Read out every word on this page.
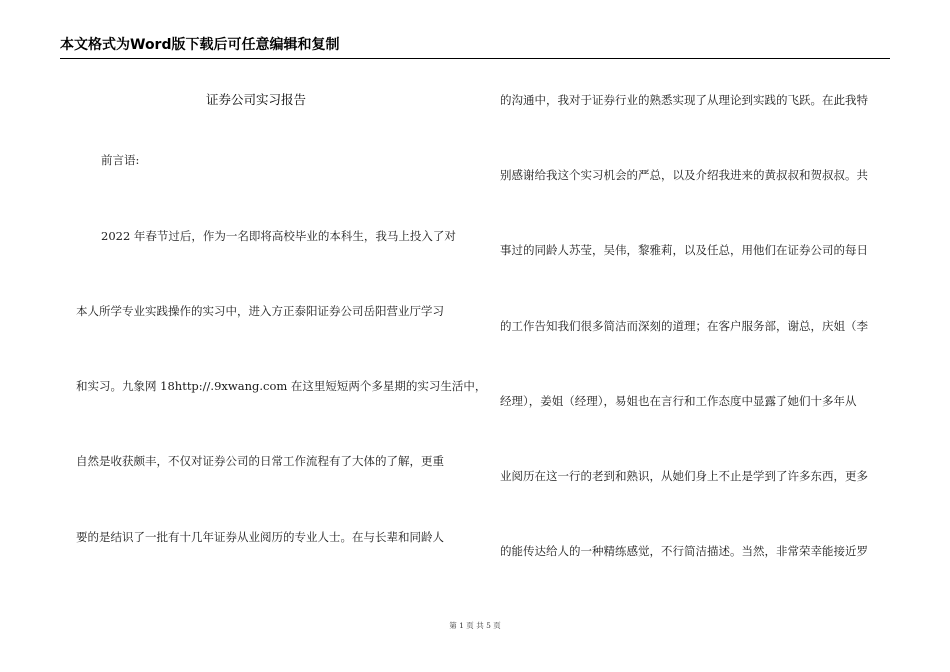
本文格式为Word版下载后可任意编辑和复制
证券公司实习报告
前言语:
2022 年春节过后，作为一名即将高校毕业的本科生，我马上投入了对
本人所学专业实践操作的实习中，进入方正泰阳证券公司岳阳营业厅学习
和实习。九象网 18http://.9xwang.com 在这里短短两个多星期的实习生活中，
自然是收获颇丰，不仅对证券公司的日常工作流程有了大体的了解，更重
要的是结识了一批有十几年证券从业阅历的专业人士。在与长辈和同龄人
的沟通中，我对于证券行业的熟悉实现了从理论到实践的飞跃。在此我特
别感谢给我这个实习机会的严总，以及介绍我进来的黄叔叔和贺叔叔。共
事过的同龄人苏莹，吴伟，黎雅莉，以及任总，用他们在证券公司的每日
的工作告知我们很多简洁而深刻的道理；在客户服务部，谢总，庆姐（李
经理），姜姐（经理），易姐也在言行和工作态度中显露了她们十多年从
业阅历在这一行的老到和熟识，从她们身上不止是学到了许多东西，更多
的能传达给人的一种精练感觉，不行简洁描述。当然，非常荣幸能接近罗
第 1 页 共 5 页
